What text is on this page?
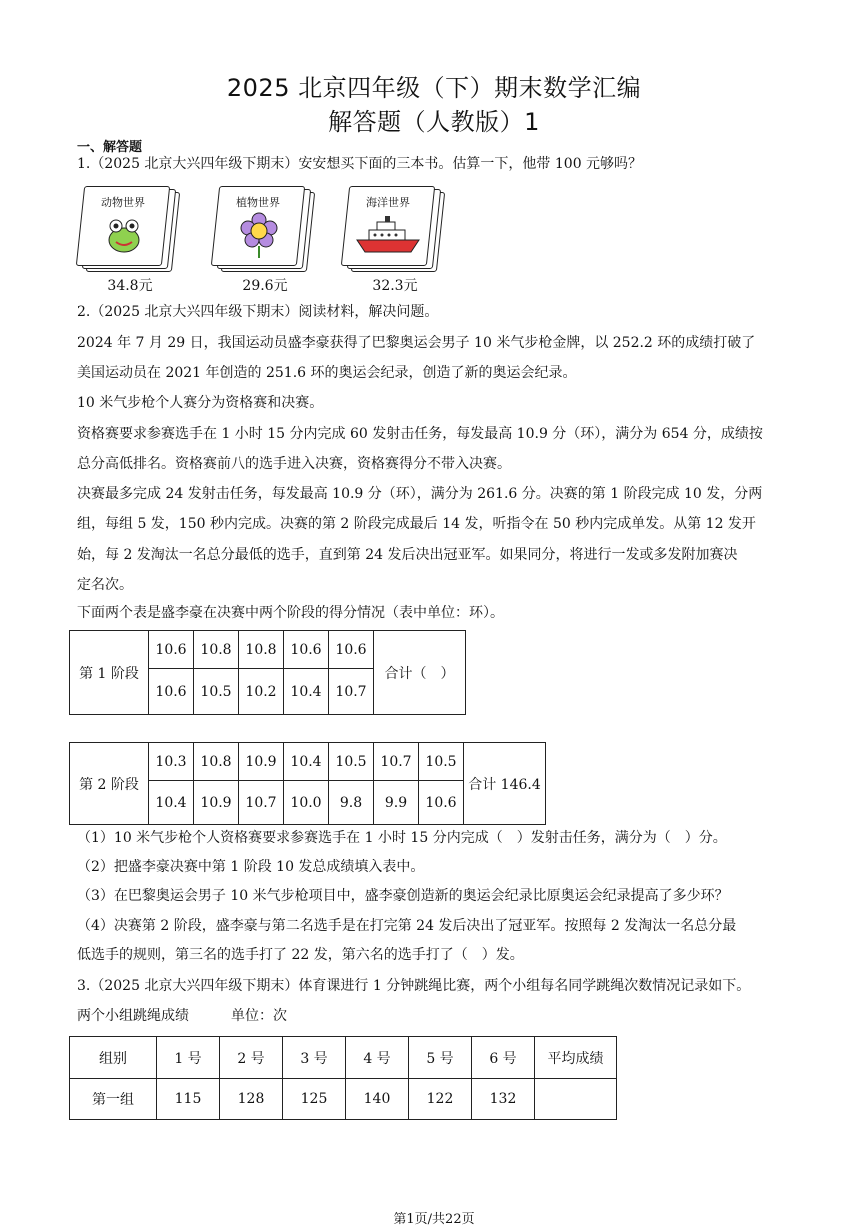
2025 北京四年级（下）期末数学汇编
解答题（人教版）1
一、解答题
1.（2025 北京大兴四年级下期末）安安想买下面的三本书。估算一下，他带 100 元够吗？
动物世界
34.8元
植物世界
29.6元
海洋世界
32.3元
2.（2025 北京大兴四年级下期末）阅读材料，解决问题。
2024 年 7 月 29 日，我国运动员盛李豪获得了巴黎奥运会男子 10 米气步枪金牌，以 252.2 环的成绩打破了
美国运动员在 2021 年创造的 251.6 环的奥运会纪录，创造了新的奥运会纪录。
10 米气步枪个人赛分为资格赛和决赛。
资格赛要求参赛选手在 1 小时 15 分内完成 60 发射击任务，每发最高 10.9 分（环），满分为 654 分，成绩按
总分高低排名。资格赛前八的选手进入决赛，资格赛得分不带入决赛。
决赛最多完成 24 发射击任务，每发最高 10.9 分（环），满分为 261.6 分。决赛的第 1 阶段完成 10 发，分两
组，每组 5 发，150 秒内完成。决赛的第 2 阶段完成最后 14 发，听指令在 50 秒内完成单发。从第 12 发开
始，每 2 发淘汰一名总分最低的选手，直到第 24 发后决出冠亚军。如果同分，将进行一发或多发附加赛决
定名次。
下面两个表是盛李豪在决赛中两个阶段的得分情况（表中单位：环）。
第 1 阶段	10.6	10.8	10.8	10.6	10.6	合计（　）
	10.6	10.5	10.2	10.4	10.7	
第 2 阶段	10.3	10.8	10.9	10.4	10.5	10.7	10.5	合计 146.4
	10.4	10.9	10.7	10.0	9.8	9.9	10.6	
（1）10 米气步枪个人资格赛要求参赛选手在 1 小时 15 分内完成（　）发射击任务，满分为（　）分。
（2）把盛李豪决赛中第 1 阶段 10 发总成绩填入表中。
（3）在巴黎奥运会男子 10 米气步枪项目中，盛李豪创造新的奥运会纪录比原奥运会纪录提高了多少环？
（4）决赛第 2 阶段，盛李豪与第二名选手是在打完第 24 发后决出了冠亚军。按照每 2 发淘汰一名总分最
低选手的规则，第三名的选手打了 22 发，第六名的选手打了（　）发。
3.（2025 北京大兴四年级下期末）体育课进行 1 分钟跳绳比赛，两个小组每名同学跳绳次数情况记录如下。
两个小组跳绳成绩　　　单位：次
组别	1 号	2 号	3 号	4 号	5 号	6 号	平均成绩
第一组	115	128	125	140	122	132	
第1页/共22页
